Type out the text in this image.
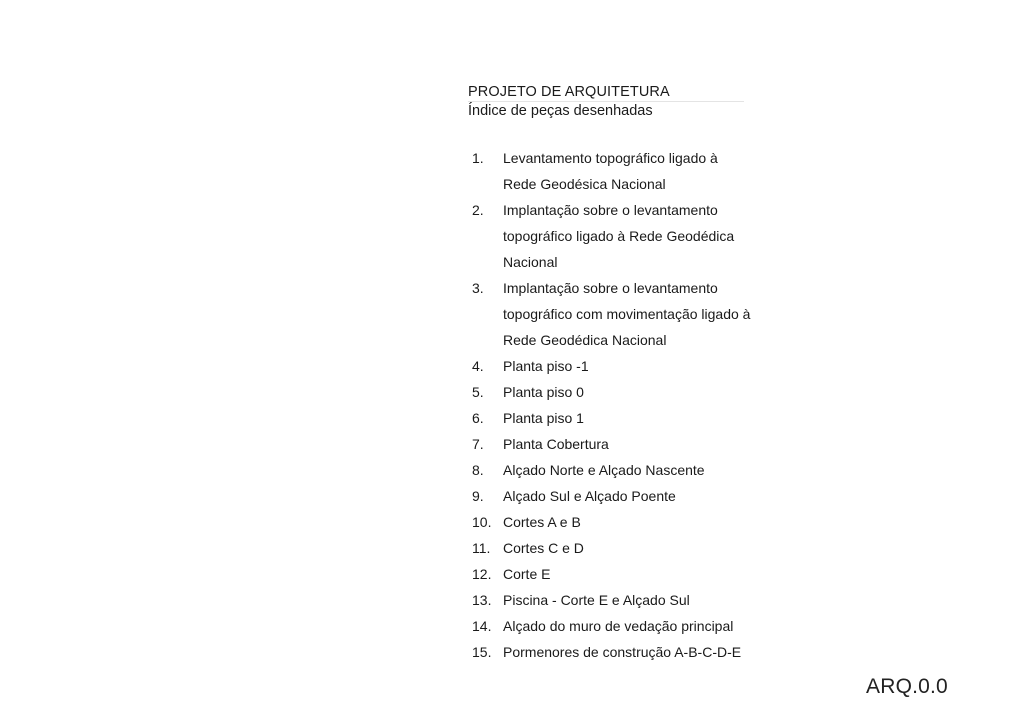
PROJETO DE ARQUITETURA
Índice de peças desenhadas
1.	Levantamento topográfico ligado à
Rede Geodésica Nacional
2.	Implantação sobre o levantamento
topográfico ligado à Rede Geodédica
Nacional
3.	Implantação sobre o levantamento
topográfico com movimentação ligado à
Rede Geodédica Nacional
4.	Planta piso -1
5.	Planta piso 0
6.	Planta piso 1
7.	Planta Cobertura
8.	Alçado Norte e Alçado Nascente
9.	Alçado Sul e Alçado Poente
10. Cortes A e B
11. Cortes C e D
12. Corte E
13. Piscina - Corte E e Alçado Sul
14. Alçado do muro de vedação principal
15. Pormenores de construção A-B-C-D-E
ARQ.0.0
